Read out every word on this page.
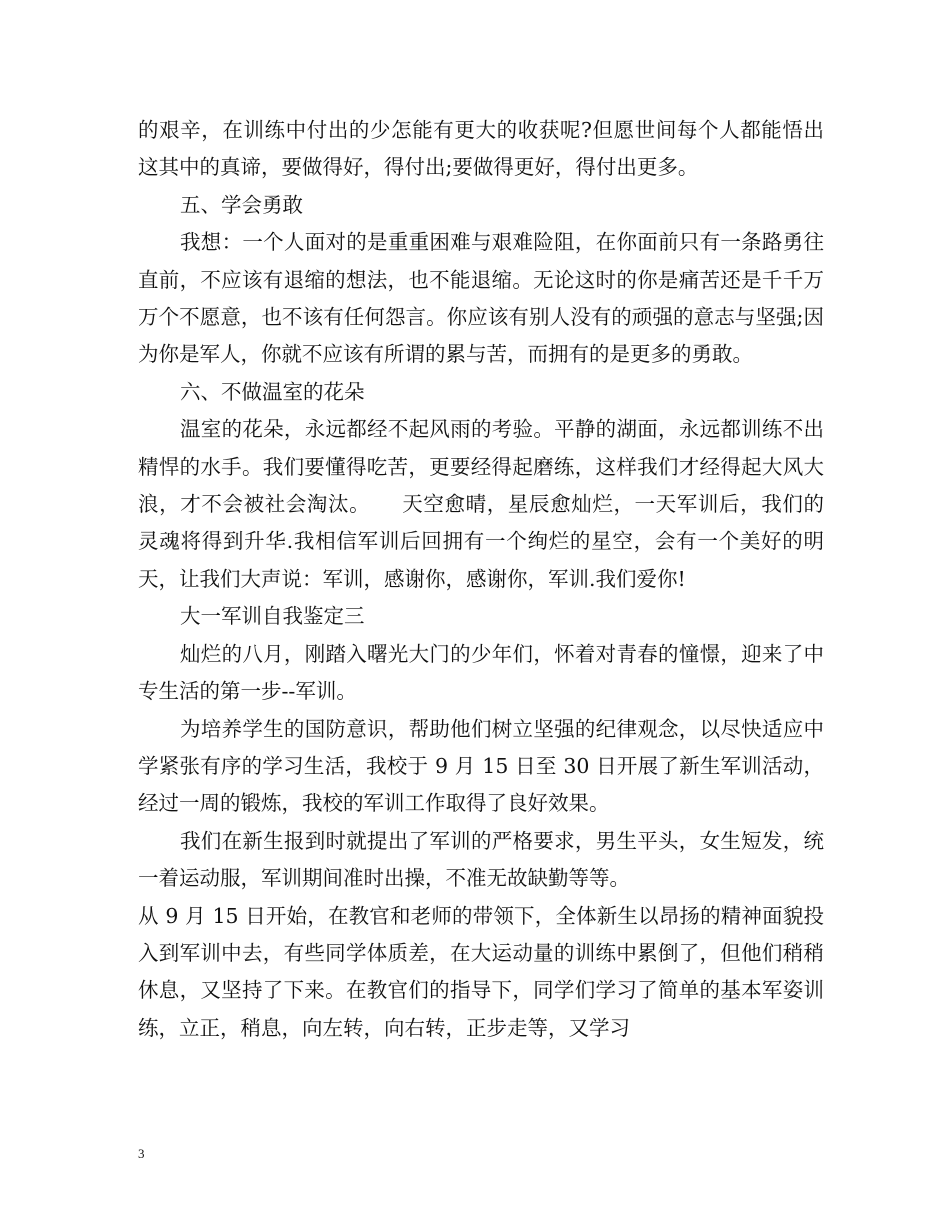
的艰辛，在训练中付出的少怎能有更大的收获呢?但愿世间每个人都能悟出这其中的真谛，要做得好，得付出;要做得更好，得付出更多。

五、学会勇敢

我想：一个人面对的是重重困难与艰难险阻，在你面前只有一条路勇往直前，不应该有退缩的想法，也不能退缩。无论这时的你是痛苦还是千千万万个不愿意，也不该有任何怨言。你应该有别人没有的顽强的意志与坚强;因为你是军人，你就不应该有所谓的累与苦，而拥有的是更多的勇敢。

六、不做温室的花朵

温室的花朵，永远都经不起风雨的考验。平静的湖面，永远都训练不出精悍的水手。我们要懂得吃苦，更要经得起磨练，这样我们才经得起大风大浪，才不会被社会淘汰。　　天空愈晴，星辰愈灿烂，一天军训后，我们的灵魂将得到升华.我相信军训后回拥有一个绚烂的星空，会有一个美好的明天，让我们大声说：军训，感谢你，感谢你，军训.我们爱你!

大一军训自我鉴定三

灿烂的八月，刚踏入曙光大门的少年们，怀着对青春的憧憬，迎来了中专生活的第一步--军训。

为培养学生的国防意识，帮助他们树立坚强的纪律观念，以尽快适应中学紧张有序的学习生活，我校于 9 月 15 日至 30 日开展了新生军训活动，经过一周的锻炼，我校的军训工作取得了良好效果。

我们在新生报到时就提出了军训的严格要求，男生平头，女生短发，统一着运动服，军训期间准时出操，不准无故缺勤等等。

从 9 月 15 日开始，在教官和老师的带领下，全体新生以昂扬的精神面貌投入到军训中去，有些同学体质差，在大运动量的训练中累倒了，但他们稍稍休息，又坚持了下来。在教官们的指导下，同学们学习了简单的基本军姿训练，立正，稍息，向左转，向右转，正步走等，又学习

3
